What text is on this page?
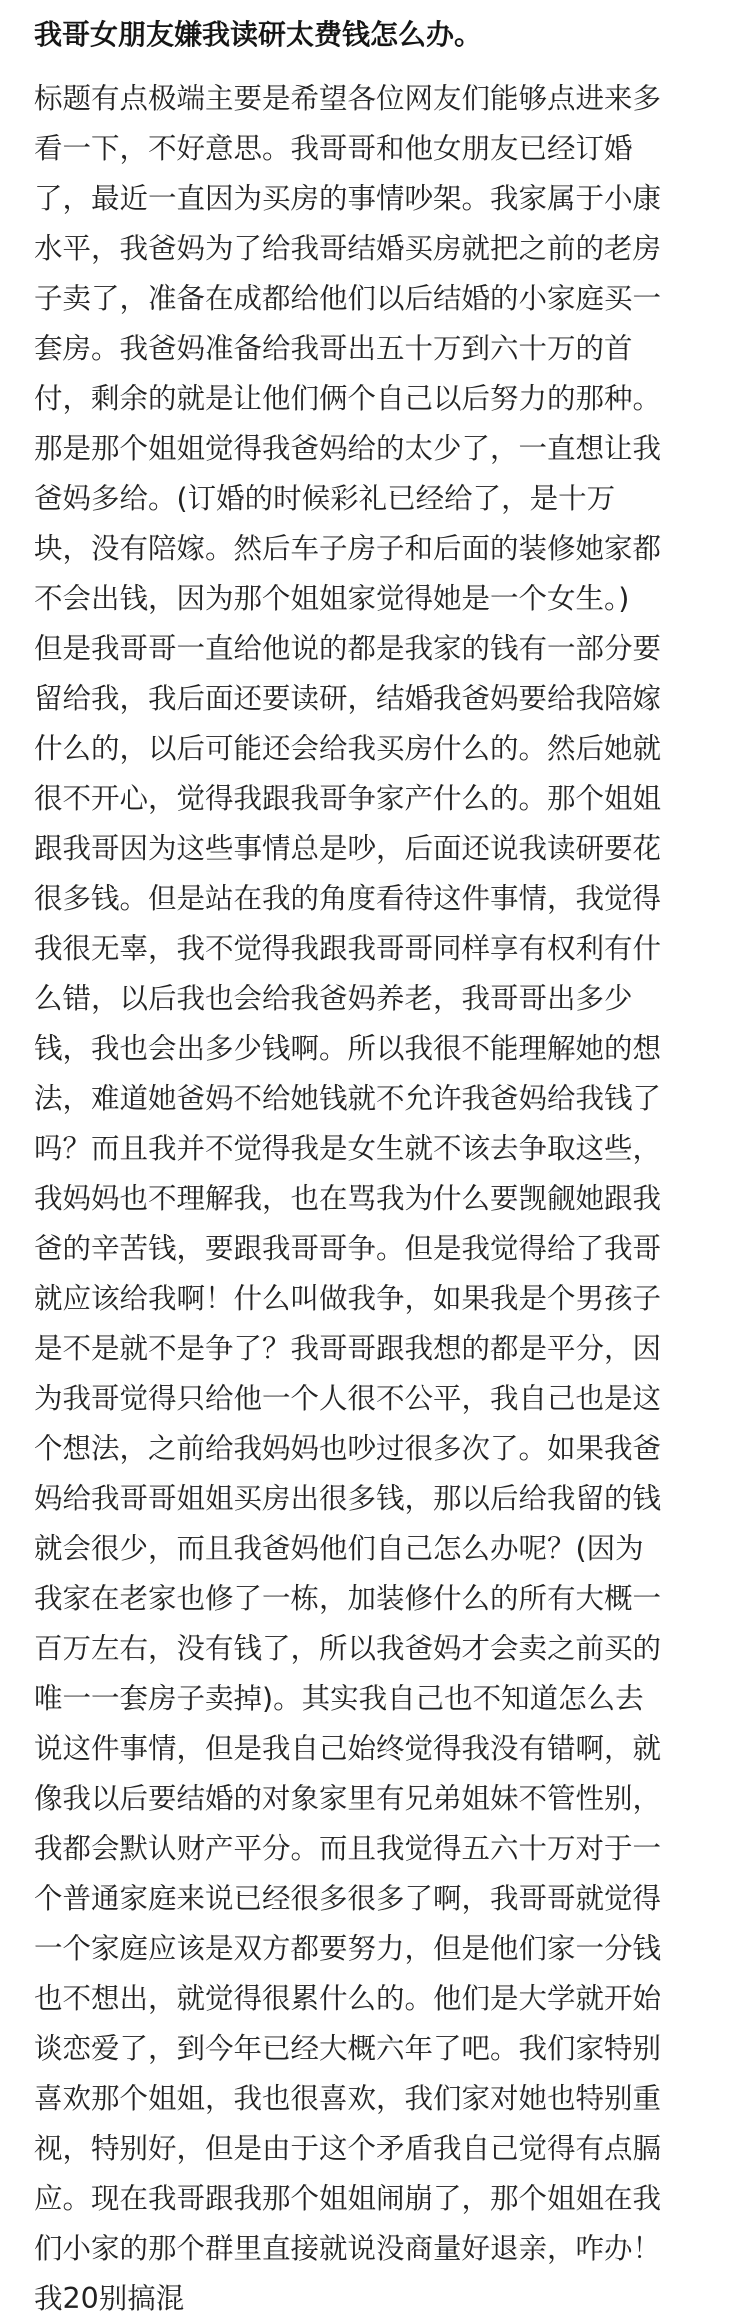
我哥女朋友嫌我读研太费钱怎么办。
标题有点极端主要是希望各位网友们能够点进来多
看一下，不好意思。我哥哥和他女朋友已经订婚
了，最近一直因为买房的事情吵架。我家属于小康
水平，我爸妈为了给我哥结婚买房就把之前的老房
子卖了，准备在成都给他们以后结婚的小家庭买一
套房。我爸妈准备给我哥出五十万到六十万的首
付，剩余的就是让他们俩个自己以后努力的那种。
那是那个姐姐觉得我爸妈给的太少了，一直想让我
爸妈多给。(订婚的时候彩礼已经给了，是十万
块，没有陪嫁。然后车子房子和后面的装修她家都
不会出钱，因为那个姐姐家觉得她是一个女生。)
但是我哥哥一直给他说的都是我家的钱有一部分要
留给我，我后面还要读研，结婚我爸妈要给我陪嫁
什么的，以后可能还会给我买房什么的。然后她就
很不开心，觉得我跟我哥争家产什么的。那个姐姐
跟我哥因为这些事情总是吵，后面还说我读研要花
很多钱。但是站在我的角度看待这件事情，我觉得
我很无辜，我不觉得我跟我哥哥同样享有权利有什
么错，以后我也会给我爸妈养老，我哥哥出多少
钱，我也会出多少钱啊。所以我很不能理解她的想
法，难道她爸妈不给她钱就不允许我爸妈给我钱了
吗？而且我并不觉得我是女生就不该去争取这些，
我妈妈也不理解我，也在骂我为什么要觊觎她跟我
爸的辛苦钱，要跟我哥哥争。但是我觉得给了我哥
就应该给我啊！什么叫做我争，如果我是个男孩子
是不是就不是争了？我哥哥跟我想的都是平分，因
为我哥觉得只给他一个人很不公平，我自己也是这
个想法，之前给我妈妈也吵过很多次了。如果我爸
妈给我哥哥姐姐买房出很多钱，那以后给我留的钱
就会很少，而且我爸妈他们自己怎么办呢？(因为
我家在老家也修了一栋，加装修什么的所有大概一
百万左右，没有钱了，所以我爸妈才会卖之前买的
唯一一套房子卖掉)。其实我自己也不知道怎么去
说这件事情，但是我自己始终觉得我没有错啊，就
像我以后要结婚的对象家里有兄弟姐妹不管性别，
我都会默认财产平分。而且我觉得五六十万对于一
个普通家庭来说已经很多很多了啊，我哥哥就觉得
一个家庭应该是双方都要努力，但是他们家一分钱
也不想出，就觉得很累什么的。他们是大学就开始
谈恋爱了，到今年已经大概六年了吧。我们家特别
喜欢那个姐姐，我也很喜欢，我们家对她也特别重
视，特别好，但是由于这个矛盾我自己觉得有点膈
应。现在我哥跟我那个姐姐闹崩了，那个姐姐在我
们小家的那个群里直接就说没商量好退亲，咋办！
我20别搞混
